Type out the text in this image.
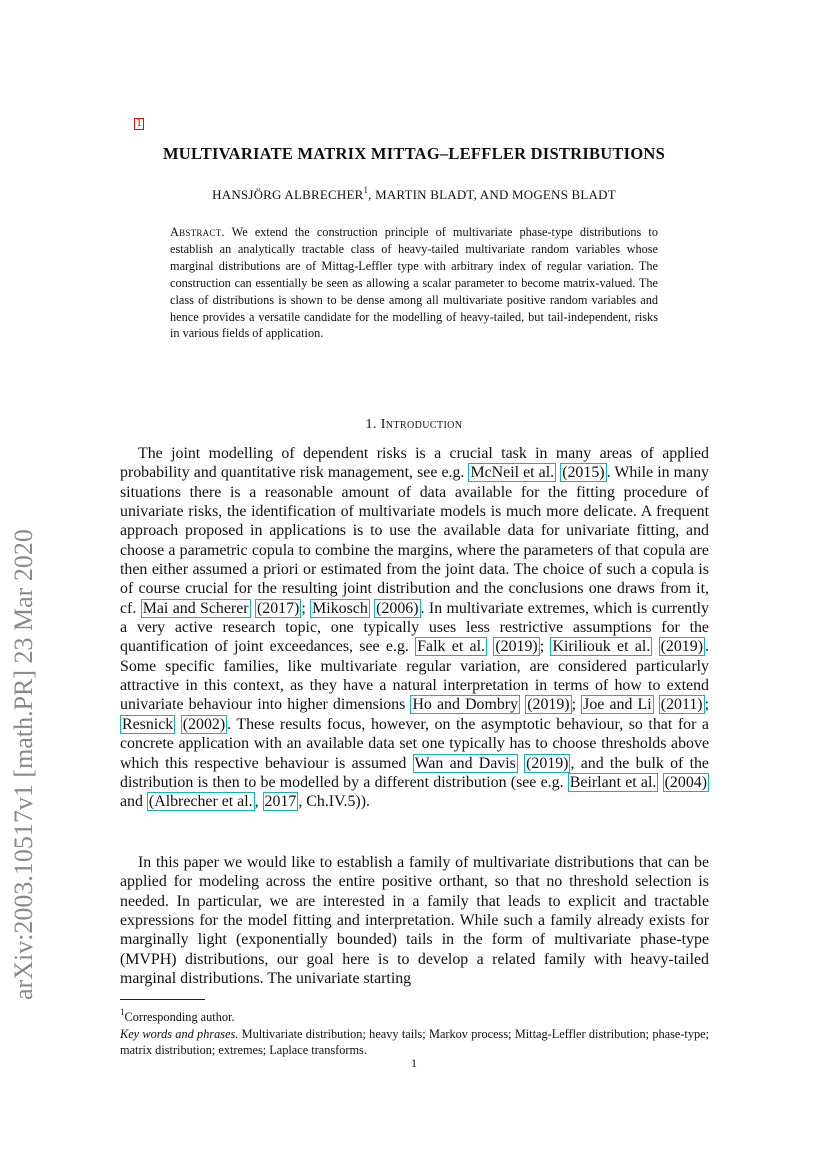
arXiv:2003.10517v1 [math.PR] 23 Mar 2020
1
MULTIVARIATE MATRIX MITTAG–LEFFLER DISTRIBUTIONS
HANSJÖRG ALBRECHER$^1$, MARTIN BLADT, AND MOGENS BLADT
Abstract. We extend the construction principle of multivariate phase-type distributions to establish an analytically tractable class of heavy-tailed multivariate random variables whose marginal distributions are of Mittag-Leffler type with arbitrary index of regular variation. The construction can essentially be seen as allowing a scalar parameter to become matrix-valued. The class of distributions is shown to be dense among all multivariate positive random variables and hence provides a versatile candidate for the modelling of heavy-tailed, but tail-independent, risks in various fields of application.
1. Introduction
The joint modelling of dependent risks is a crucial task in many areas of applied probability and quantitative risk management, see e.g. McNeil et al. (2015) . While in many situations there is a reasonable amount of data available for the fitting procedure of univariate risks, the identification of multivariate models is much more delicate. A frequent approach proposed in applications is to use the available data for univariate fitting, and choose a parametric copula to combine the margins, where the parameters of that copula are then either assumed a priori or estimated from the joint data. The choice of such a copula is of course crucial for the resulting joint distribution and the conclusions one draws from it, cf. Mai and Scherer (2017) ; Mikosch (2006) . In multivariate extremes, which is currently a very active research topic, one typically uses less restrictive assumptions for the quantification of joint exceedances, see e.g. Falk et al. (2019) ; Kiriliouk et al. (2019) . Some specific families, like multivariate regular variation, are considered particularly attractive in this context, as they have a natural interpretation in terms of how to extend univariate behaviour into higher dimensions Ho and Dombry (2019) ; Joe and Li (2011) ; Resnick (2002) . These results focus, however, on the asymptotic behaviour, so that for a concrete application with an available data set one typically has to choose thresholds above which this respective behaviour is assumed Wan and Davis (2019) , and the bulk of the distribution is then to be modelled by a different distribution (see e.g. Beirlant et al. (2004) and (Albrecher et al. , 2017 , Ch.IV.5)).
In this paper we would like to establish a family of multivariate distributions that can be applied for modeling across the entire positive orthant, so that no threshold selection is needed. In particular, we are interested in a family that leads to explicit and tractable expressions for the model fitting and interpretation. While such a family already exists for marginally light (exponentially bounded) tails in the form of multivariate phase-type (MVPH) distributions, our goal here is to develop a related family with heavy-tailed marginal distributions. The univariate starting
$^1$Corresponding author.
Key words and phrases. Multivariate distribution; heavy tails; Markov process; Mittag-Leffler distribution; phase-type; matrix distribution; extremes; Laplace transforms.
1
